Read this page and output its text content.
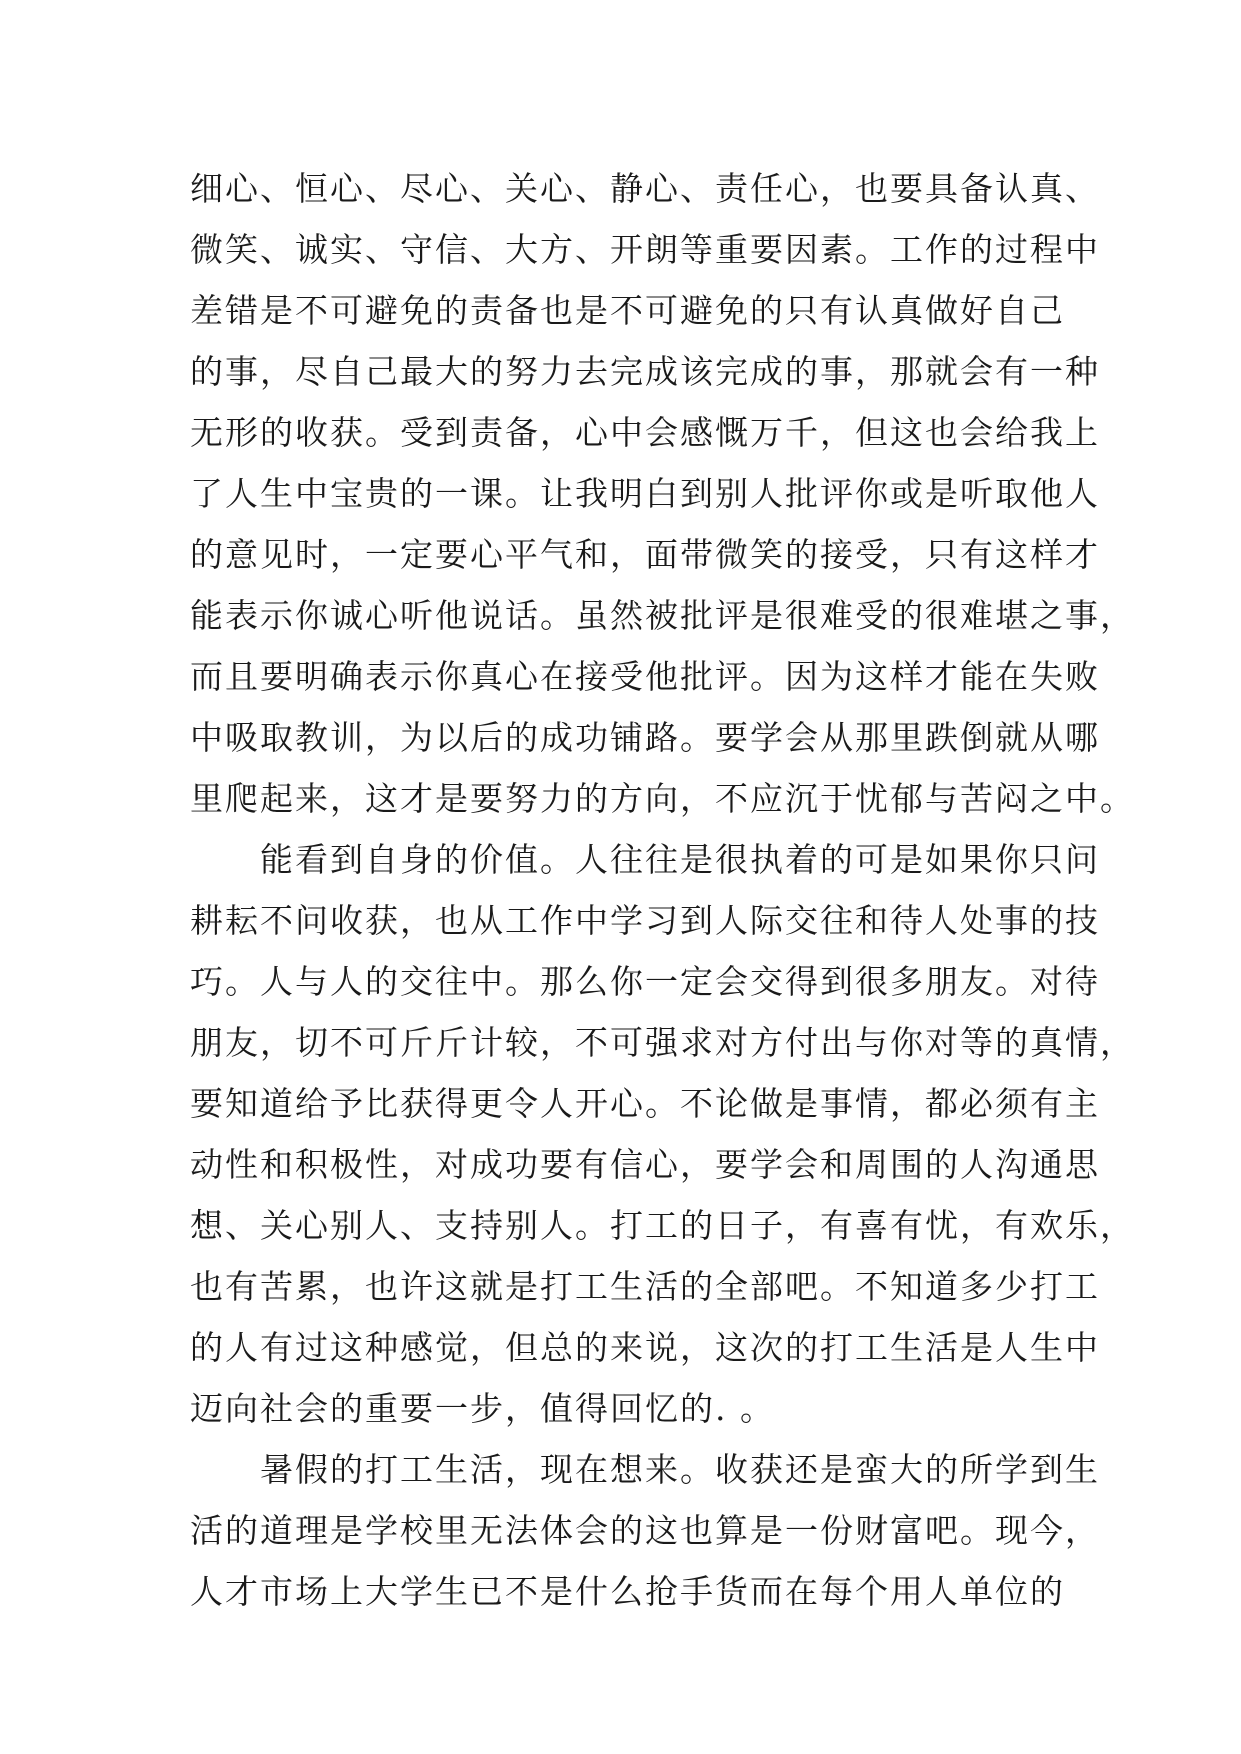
细心、恒心、尽心、关心、静心、责任心，也要具备认真、
微笑、诚实、守信、大方、开朗等重要因素。工作的过程中
差错是不可避免的责备也是不可避免的只有认真做好自己
的事，尽自己最大的努力去完成该完成的事，那就会有一种
无形的收获。受到责备，心中会感慨万千，但这也会给我上
了人生中宝贵的一课。让我明白到别人批评你或是听取他人
的意见时，一定要心平气和，面带微笑的接受，只有这样才
能表示你诚心听他说话。虽然被批评是很难受的很难堪之事，
而且要明确表示你真心在接受他批评。因为这样才能在失败
中吸取教训，为以后的成功铺路。要学会从那里跌倒就从哪
里爬起来，这才是要努力的方向，不应沉于忧郁与苦闷之中。
　　能看到自身的价值。人往往是很执着的可是如果你只问
耕耘不问收获，也从工作中学习到人际交往和待人处事的技
巧。人与人的交往中。那么你一定会交得到很多朋友。对待
朋友，切不可斤斤计较，不可强求对方付出与你对等的真情，
要知道给予比获得更令人开心。不论做是事情，都必须有主
动性和积极性，对成功要有信心，要学会和周围的人沟通思
想、关心别人、支持别人。打工的日子，有喜有忧，有欢乐，
也有苦累，也许这就是打工生活的全部吧。不知道多少打工
的人有过这种感觉，但总的来说，这次的打工生活是人生中
迈向社会的重要一步，值得回忆的. 。
　　暑假的打工生活，现在想来。收获还是蛮大的所学到生
活的道理是学校里无法体会的这也算是一份财富吧。现今，
人才市场上大学生已不是什么抢手货而在每个用人单位的
